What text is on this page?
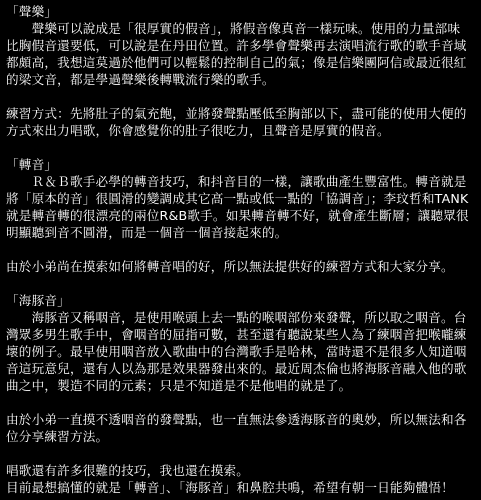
「聲樂」
　　聲樂可以說成是「很厚實的假音」，將假音像真音一樣玩味。使用的力量部味
比胸假音還要低，可以說是在丹田位置。許多學會聲樂再去演唱流行歌的歌手音域
都頗高，我想這莫過於他們可以輕鬆的控制自己的氣；像是信樂團阿信或最近很紅
的梁文音，都是學過聲樂後轉戰流行樂的歌手。
練習方式：先將肚子的氣充飽，並將發聲點壓低至胸部以下，盡可能的使用大便的
方式來出力唱歌，你會感覺你的肚子很吃力，且聲音是厚實的假音。
「轉音」
　　Ｒ＆Ｂ歌手必學的轉音技巧，和抖音目的一樣，讓歌曲產生豐富性。轉音就是
將「原本的音」很圓滑的變調成其它高一點或低一點的「協調音」；李玟哲和TANK
就是轉音轉的很漂亮的兩位R&B歌手。如果轉音轉不好，就會產生斷層；讓聽眾很
明顯聽到音不圓滑，而是一個音一個音接起來的。
由於小弟尚在摸索如何將轉音唱的好，所以無法提供好的練習方式和大家分享。
「海豚音」
　　海豚音又稱咽音，是使用喉頭上去一點的喉咽部份來發聲，所以取之咽音。台
灣眾多男生歌手中，會咽音的屈指可數，甚至還有聽說某些人為了練咽音把喉嚨練
壞的例子。最早使用咽音放入歌曲中的台灣歌手是哈林，當時還不是很多人知道咽
音這玩意兒，還有人以為那是效果器發出來的。最近周杰倫也將海豚音融入他的歌
曲之中，製造不同的元素；只是不知道是不是他唱的就是了。
由於小弟一直摸不透咽音的發聲點，也一直無法參透海豚音的奧妙，所以無法和各
位分享練習方法。
唱歌還有許多很難的技巧，我也還在摸索。
目前最想搞懂的就是「轉音」、「海豚音」和鼻腔共鳴，希望有朝一日能夠體悟！
